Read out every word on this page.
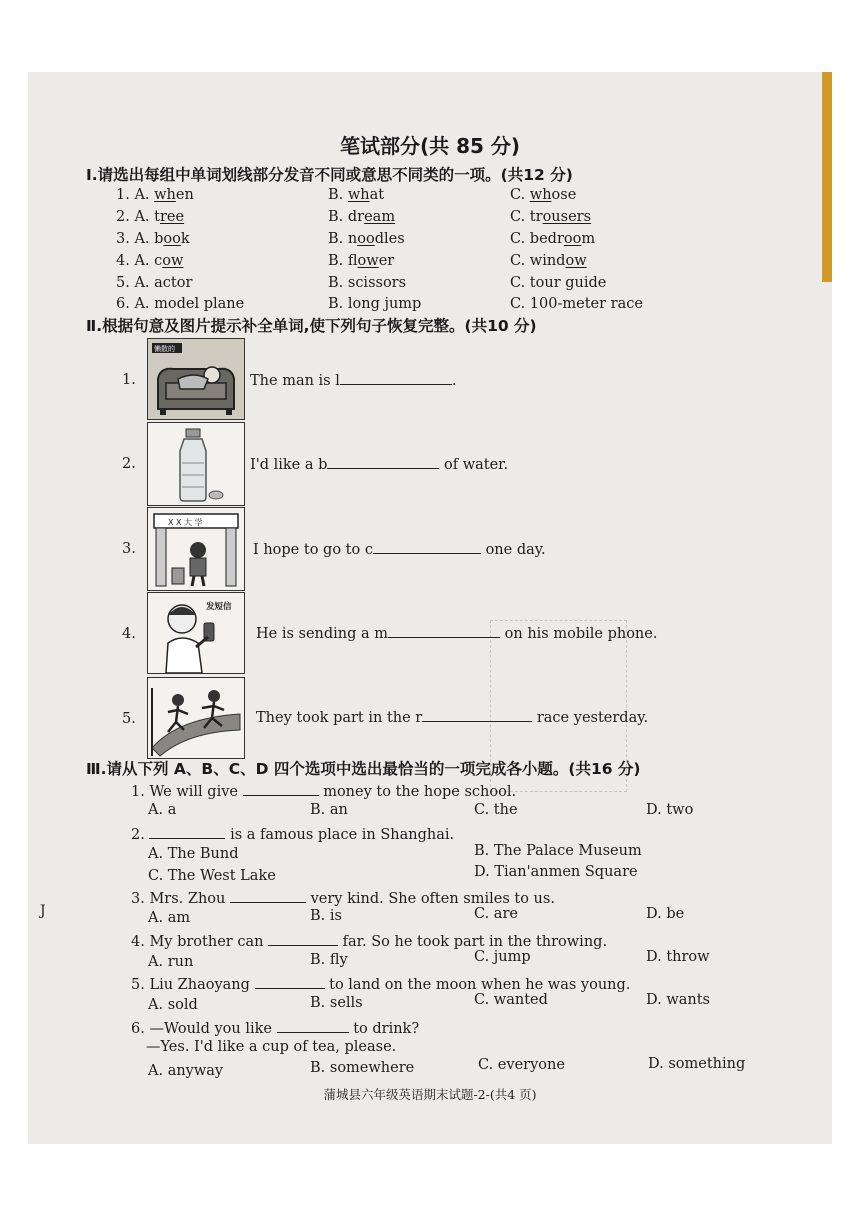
J
笔试部分(共 85 分)
Ⅰ.请选出每组中单词划线部分发音不同或意思不同类的一项。(共12 分)
1. A. when	B. what	C. whose
2. A. tree	B. dream	C. trousers
3. A. book	B. noodles	C. bedroom
4. A. cow	B. flower	C. window
5. A. actor	B. scissors	C. tour guide
6. A. model plane	B. long jump	C. 100-meter race
Ⅱ.根据句意及图片提示补全单词,使下列句子恢复完整。(共10 分)
1.
懒散的
The man is l	.
2.	I'd like a b	of water.
3.
X X 大 学
I hope to go to c	one day.
4.
发短信
He is sending a m	on his mobile phone.
5.	They took part in the r	race yesterday.
Ⅲ.请从下列 A、B、C、D 四个选项中选出最恰当的一项完成各小题。(共16 分)
1. We will give	money to the hope school.
A. a	B. an	C. the	D. two
2.	is a famous place in Shanghai.
A. The Bund	B. The Palace Museum
C. The West Lake	D. Tian'anmen Square
3. Mrs. Zhou	very kind. She often smiles to us.
A. am	B. is	C. are	D. be
4. My brother can	far. So he took part in the throwing.
A. run	B. fly	C. jump	D. throw
5. Liu Zhaoyang	to land on the moon when he was young.
A. sold	B. sells	C. wanted	D. wants
6. —Would you like	to drink?
—Yes. I'd like a cup of tea, please.
A. anyway	B. somewhere	C. everyone	D. something
蒲城县六年级英语期末试题-2-(共4 页)
